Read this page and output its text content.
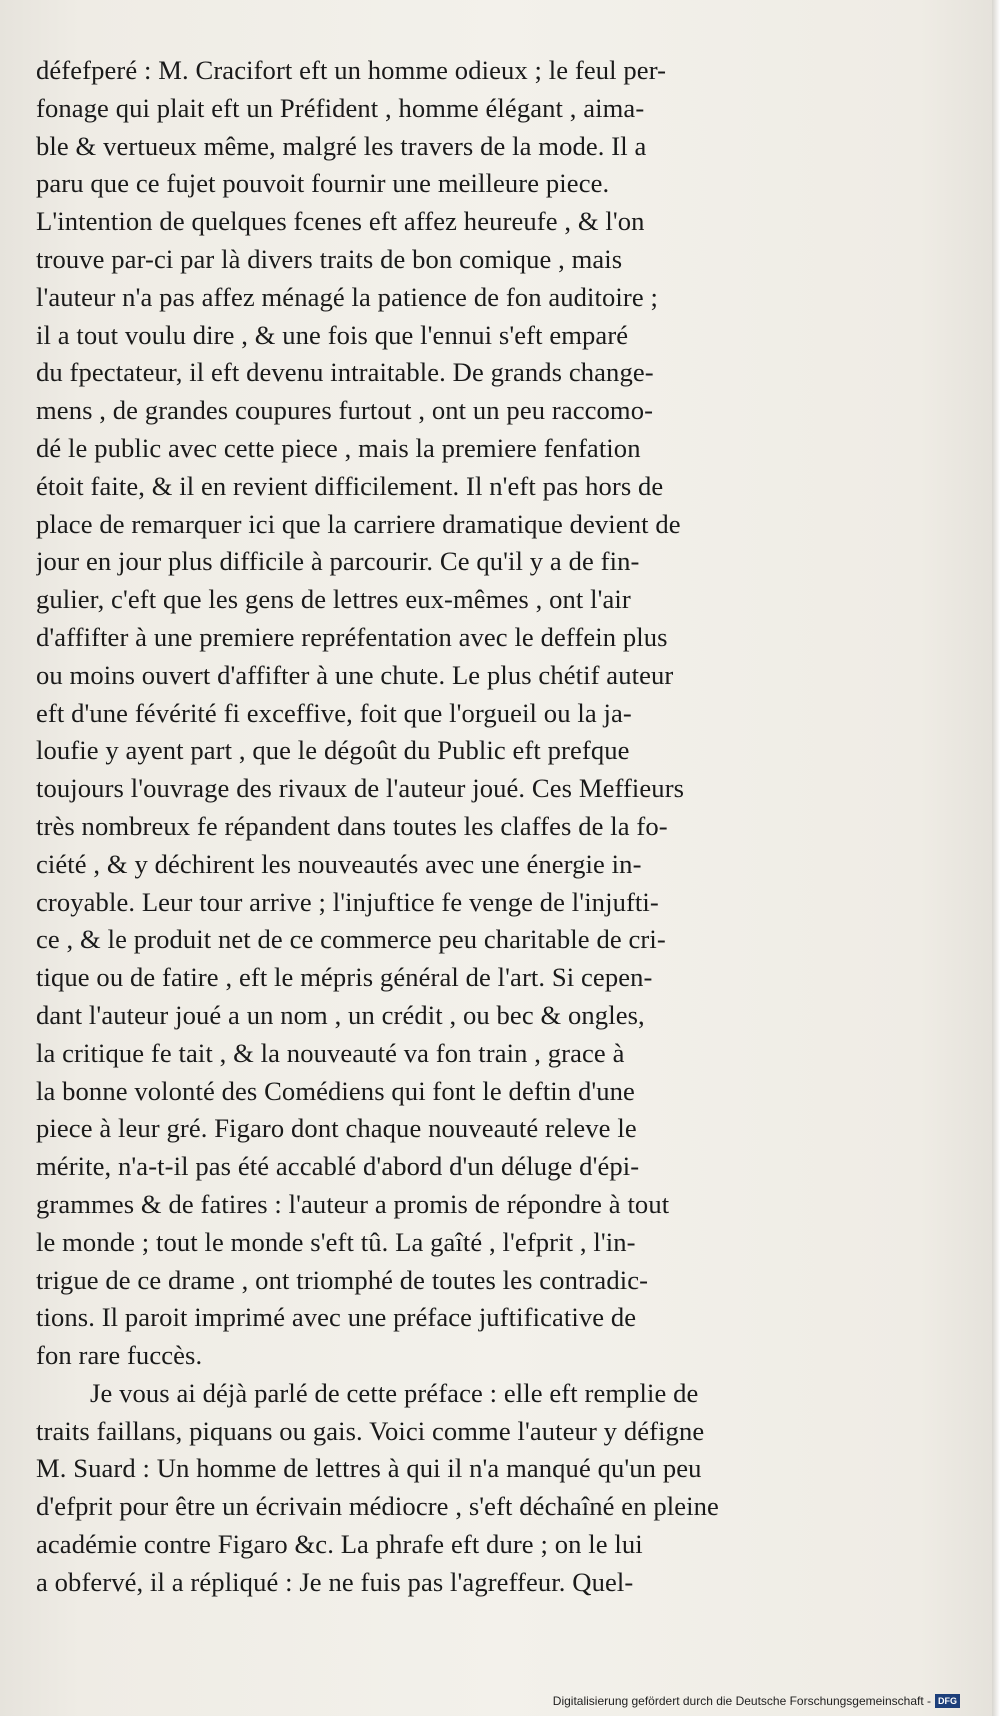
défefperé : M. Cracifort eft un homme odieux ; le feul per-
fonage qui plait eft un Préfident , homme élégant , aima-
ble & vertueux même, malgré les travers de la mode. Il a
paru que ce fujet pouvoit fournir une meilleure piece.
L'intention de quelques fcenes eft affez heureufe , & l'on
trouve par-ci par là divers traits de bon comique , mais
l'auteur n'a pas affez ménagé la patience de fon auditoire ;
il a tout voulu dire , & une fois que l'ennui s'eft emparé
du fpectateur, il eft devenu intraitable. De grands change-
mens , de grandes coupures furtout , ont un peu raccomo-
dé le public avec cette piece , mais la premiere fenfation
étoit faite, & il en revient difficilement. Il n'eft pas hors de
place de remarquer ici que la carriere dramatique devient de
jour en jour plus difficile à parcourir. Ce qu'il y a de fin-
gulier, c'eft que les gens de lettres eux-mêmes , ont l'air
d'affifter à une premiere repréfentation avec le deffein plus
ou moins ouvert d'affifter à une chute. Le plus chétif auteur
eft d'une févérité fi exceffive, foit que l'orgueil ou la ja-
loufie y ayent part , que le dégoût du Public eft prefque
toujours l'ouvrage des rivaux de l'auteur joué. Ces Meffieurs
très nombreux fe répandent dans toutes les claffes de la fo-
ciété , & y déchirent les nouveautés avec une énergie in-
croyable. Leur tour arrive ; l'injuftice fe venge de l'injufti-
ce , & le produit net de ce commerce peu charitable de cri-
tique ou de fatire , eft le mépris général de l'art. Si cepen-
dant l'auteur joué a un nom , un crédit , ou bec & ongles,
la critique fe tait , & la nouveauté va fon train , grace à
la bonne volonté des Comédiens qui font le deftin d'une
piece à leur gré. Figaro dont chaque nouveauté releve le
mérite, n'a-t-il pas été accablé d'abord d'un déluge d'épi-
grammes & de fatires : l'auteur a promis de répondre à tout
le monde ; tout le monde s'eft tû. La gaîté , l'efprit , l'in-
trigue de ce drame , ont triomphé de toutes les contradic-
tions. Il paroit imprimé avec une préface juftificative de
fon rare fuccès.

Je vous ai déjà parlé de cette préface : elle eft remplie de
traits faillans, piquans ou gais. Voici comme l'auteur y défigne
M. Suard : Un homme de lettres à qui il n'a manqué qu'un peu
d'efprit pour être un écrivain médiocre , s'eft déchaîné en pleine
académie contre Figaro &c. La phrafe eft dure ; on le lui
a obfervé, il a répliqué : Je ne fuis pas l'agreffeur. Quel-

Digitalisierung gefördert durch die Deutsche Forschungsgemeinschaft - DFG
